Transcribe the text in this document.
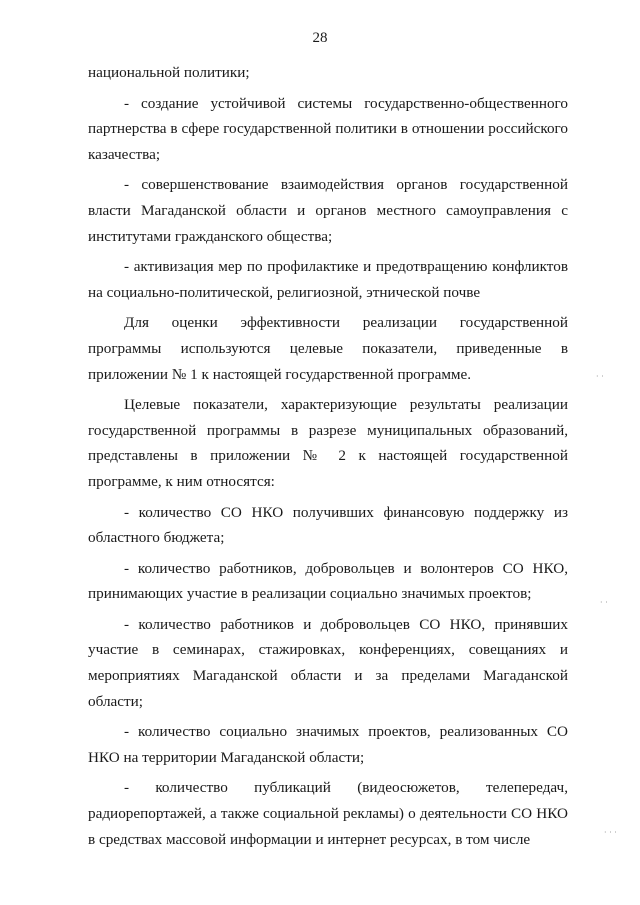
28

национальной политики;

- создание устойчивой системы государственно-общественного партнерства в сфере государственной политики в отношении российского казачества;

- совершенствование взаимодействия органов государственной власти Магаданской области и органов местного самоуправления с институтами гражданского общества;

- активизация мер по профилактике и предотвращению конфликтов на социально-политической, религиозной, этнической почве

Для оценки эффективности реализации государственной программы используются целевые показатели, приведенные в приложении № 1 к настоящей государственной программе.

Целевые показатели, характеризующие результаты реализации государственной программы в разрезе муниципальных образований, представлены в приложении № 2 к настоящей государственной программе, к ним относятся:

- количество СО НКО получивших финансовую поддержку из областного бюджета;

- количество работников, добровольцев и волонтеров СО НКО, принимающих участие в реализации социально значимых проектов;

- количество работников и добровольцев СО НКО, принявших участие в семинарах, стажировках, конференциях, совещаниях и мероприятиях Магаданской области и за пределами Магаданской области;

- количество социально значимых проектов, реализованных СО НКО на территории Магаданской области;

- количество публикаций (видеосюжетов, телепередач, радиорепортажей, а также социальной рекламы) о деятельности СО НКО в средствах массовой информации и интернет ресурсах, в том числе

· ·
· ·
· · ·
